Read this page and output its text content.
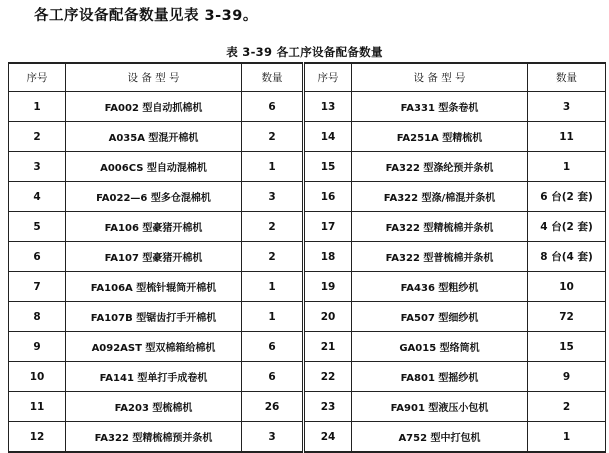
各工序设备配备数量见表 3-39。
表 3-39 各工序设备配备数量
序号	设 备 型 号	数量	序号	设 备 型 号	数量
1	FA002 型自动抓棉机	6	13	FA331 型条卷机	3
2	A035A 型混开棉机	2	14	FA251A 型精梳机	11
3	A006CS 型自动混棉机	1	15	FA322 型涤纶预并条机	1
4	FA022—6 型多仓混棉机	3	16	FA322 型涤/棉混并条机	6 台(2 套)
5	FA106 型豪猪开棉机	2	17	FA322 型精梳棉并条机	4 台(2 套)
6	FA107 型豪猪开棉机	2	18	FA322 型普梳棉并条机	8 台(4 套)
7	FA106A 型梳针辊筒开棉机	1	19	FA436 型粗纱机	10
8	FA107B 型锯齿打手开棉机	1	20	FA507 型细纱机	72
9	A092AST 型双棉箱给棉机	6	21	GA015 型络筒机	15
10	FA141 型单打手成卷机	6	22	FA801 型摇纱机	9
11	FA203 型梳棉机	26	23	FA901 型液压小包机	2
12	FA322 型精梳棉预并条机	3	24	A752 型中打包机	1
